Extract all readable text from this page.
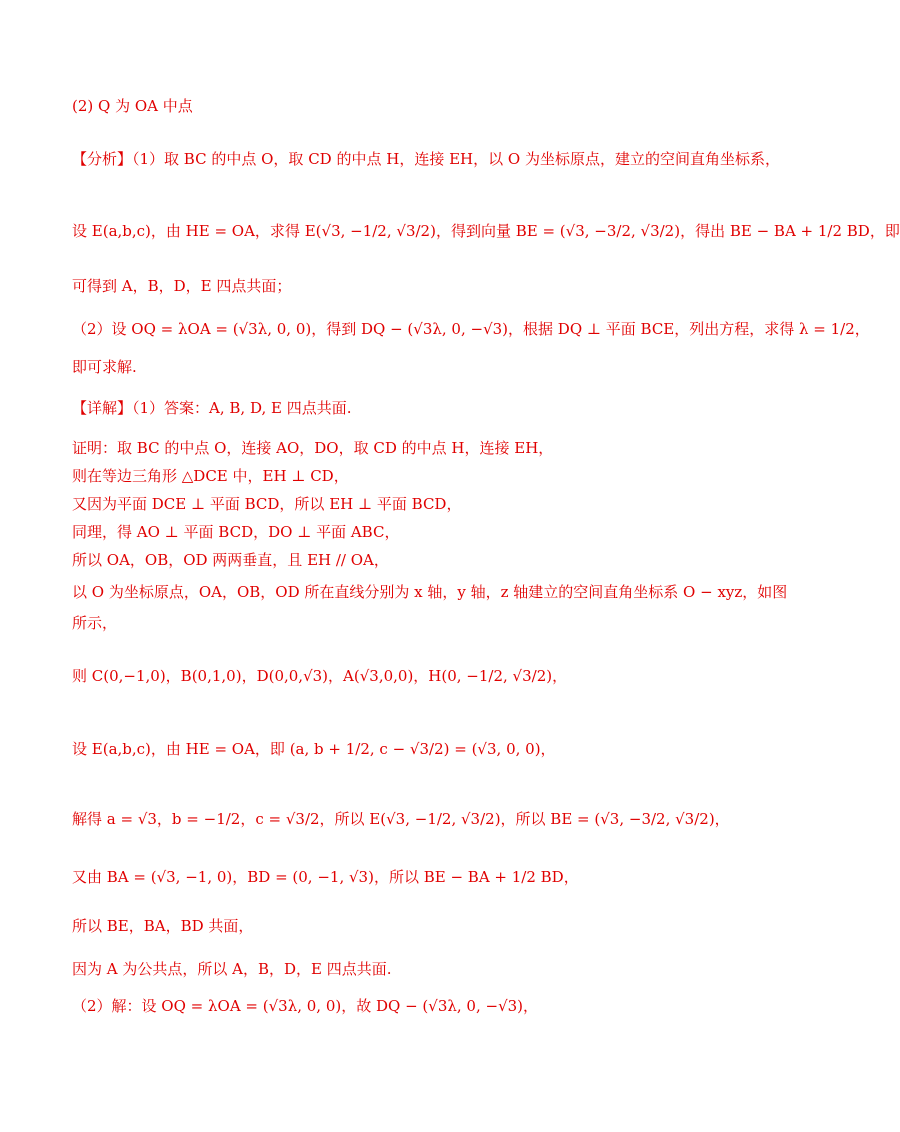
(2) Q 为 OA 中点
【分析】（1）取 BC 的中点 O，取 CD 的中点 H，连接 EH，以 O 为坐标原点，建立的空间直角坐标系，
设 E(a,b,c)，由 HE = OA，求得 E(√3, −1/2, √3/2)，得到向量 BE = (√3, −3/2, √3/2)，得出 BE − BA + 1/2 BD，即
可得到 A，B，D，E 四点共面；
（2）设 OQ = λOA = (√3λ, 0, 0)，得到 DQ − (√3λ, 0, −√3)，根据 DQ ⊥ 平面 BCE，列出方程，求得 λ = 1/2，
即可求解.
【详解】（1）答案：A, B, D, E 四点共面.
证明：取 BC 的中点 O，连接 AO，DO，取 CD 的中点 H，连接 EH，
则在等边三角形 △DCE 中，EH ⊥ CD，
又因为平面 DCE ⊥ 平面 BCD，所以 EH ⊥ 平面 BCD，
同理，得 AO ⊥ 平面 BCD，DO ⊥ 平面 ABC，
所以 OA，OB，OD 两两垂直，且 EH // OA，
以 O 为坐标原点，OA，OB，OD 所在直线分别为 x 轴，y 轴，z 轴建立的空间直角坐标系 O − xyz，如图
所示，
则 C(0,−1,0)，B(0,1,0)，D(0,0,√3)，A(√3,0,0)，H(0, −1/2, √3/2)，
设 E(a,b,c)，由 HE = OA，即 (a, b + 1/2, c − √3/2) = (√3, 0, 0)，
解得 a = √3，b = −1/2，c = √3/2，所以 E(√3, −1/2, √3/2)，所以 BE = (√3, −3/2, √3/2)，
又由 BA = (√3, −1, 0)，BD = (0, −1, √3)，所以 BE − BA + 1/2 BD，
所以 BE，BA，BD 共面，
因为 A 为公共点，所以 A，B，D，E 四点共面.
（2）解：设 OQ = λOA = (√3λ, 0, 0)，故 DQ − (√3λ, 0, −√3)，
